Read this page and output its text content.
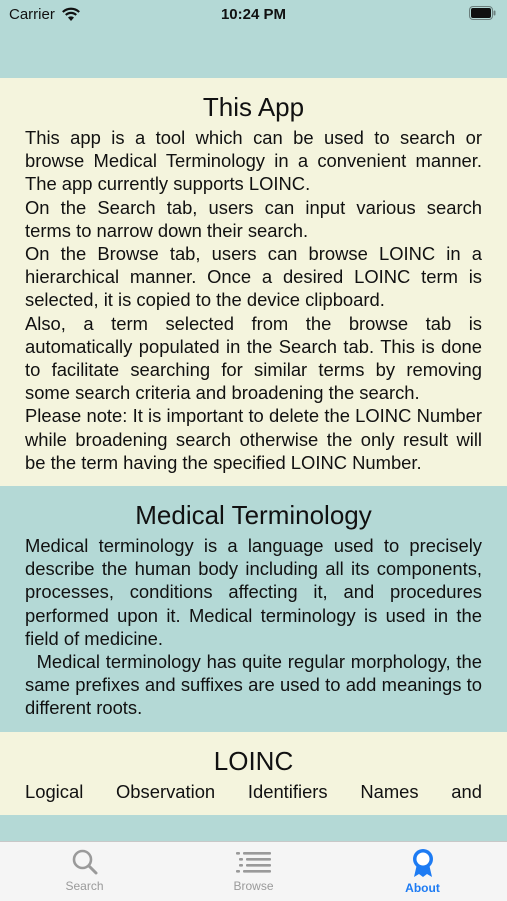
Carrier	10:24 PM
This App

This app is a tool which can be used to search or browse Medical Terminology in a convenient manner. The app currently supports LOINC.

On the Search tab, users can input various search terms to narrow down their search.

On the Browse tab, users can browse LOINC in a hierarchical manner. Once a desired LOINC term is selected, it is copied to the device clipboard.

Also, a term selected from the browse tab is automatically populated in the Search tab. This is done to facilitate searching for similar terms by removing some search criteria and broadening the search.

Please note: It is important to delete the LOINC Number while broadening search otherwise the only result will be the term having the specified LOINC Number.

Medical Terminology

Medical terminology is a language used to precisely describe the human body including all its components, processes, conditions affecting it, and procedures performed upon it. Medical terminology is used in the field of medicine.

Medical terminology has quite regular morphology, the same prefixes and suffixes are used to add meanings to different roots.

LOINC

Logical Observation Identifiers Names and

Search	Browse	About
